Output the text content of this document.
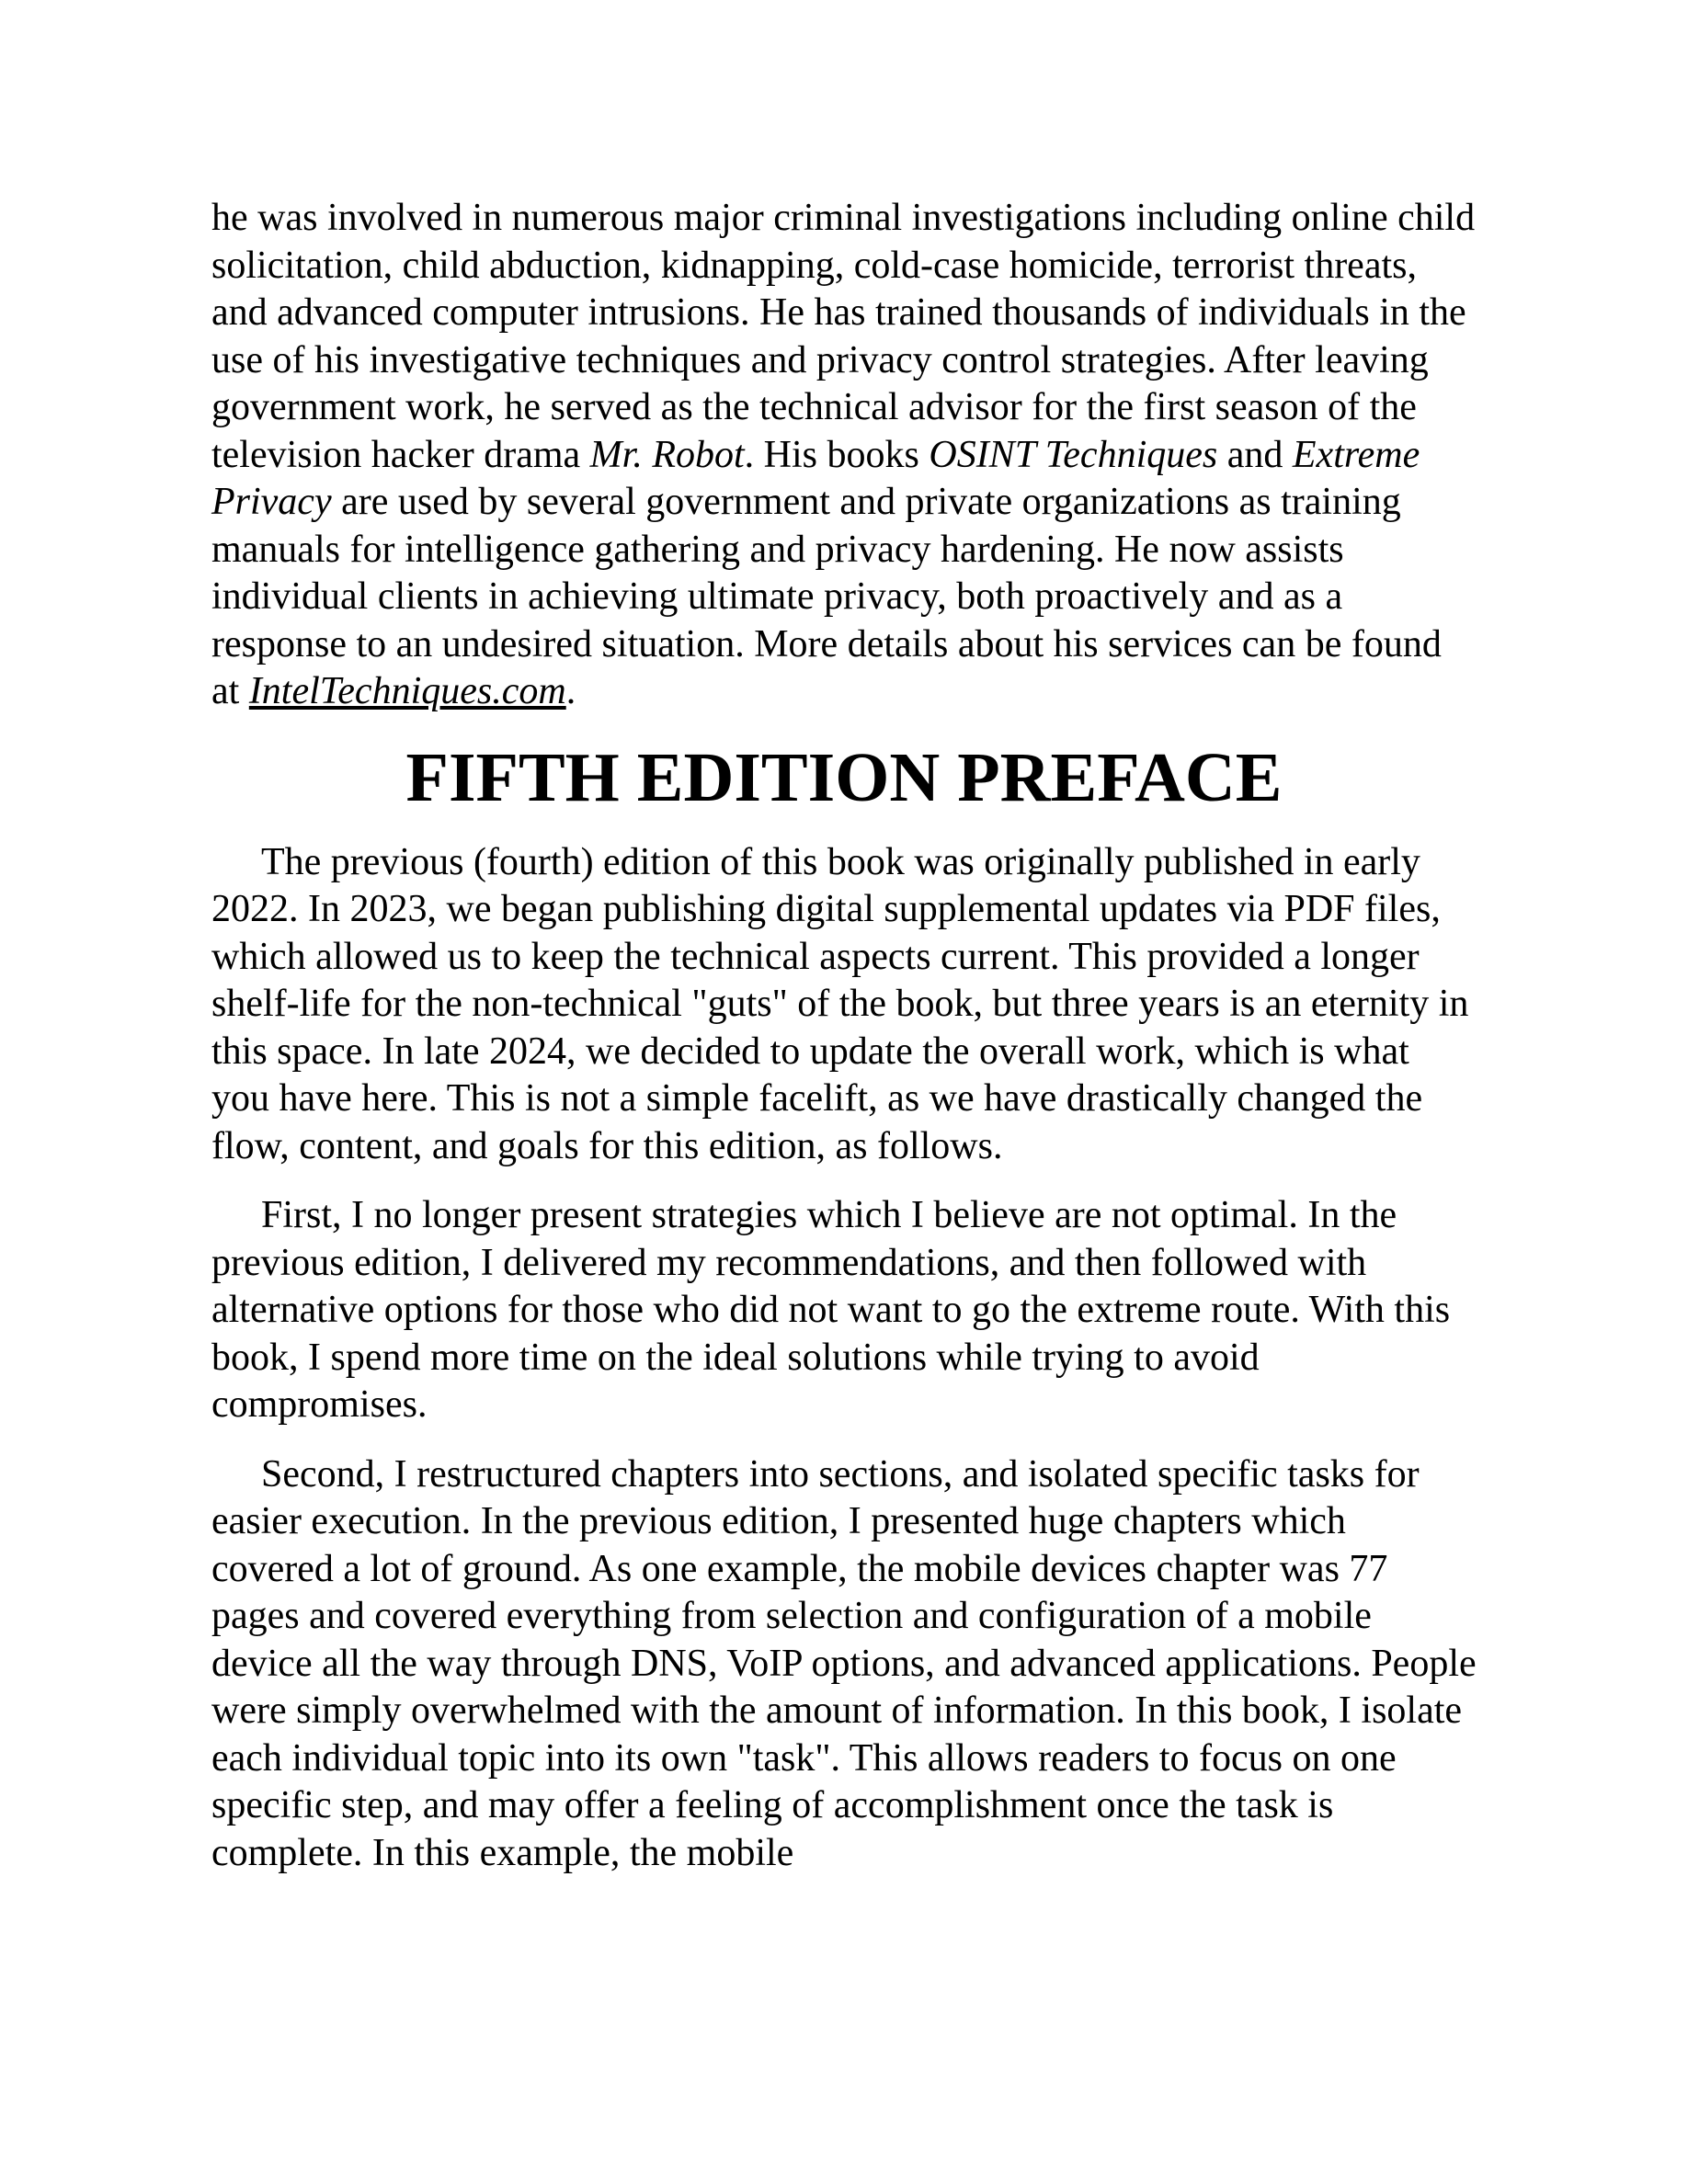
he was involved in numerous major criminal investigations including online child solicitation, child abduction, kidnapping, cold-case homicide, terrorist threats, and advanced computer intrusions. He has trained thousands of individuals in the use of his investigative techniques and privacy control strategies. After leaving government work, he served as the technical advisor for the first season of the television hacker drama Mr. Robot. His books OSINT Techniques and Extreme Privacy are used by several government and private organizations as training manuals for intelligence gathering and privacy hardening. He now assists individual clients in achieving ultimate privacy, both proactively and as a response to an undesired situation. More details about his services can be found at IntelTechniques.com.

FIFTH EDITION PREFACE

The previous (fourth) edition of this book was originally published in early 2022. In 2023, we began publishing digital supplemental updates via PDF files, which allowed us to keep the technical aspects current. This provided a longer shelf-life for the non-technical "guts" of the book, but three years is an eternity in this space. In late 2024, we decided to update the overall work, which is what you have here. This is not a simple facelift, as we have drastically changed the flow, content, and goals for this edition, as follows.

First, I no longer present strategies which I believe are not optimal. In the previous edition, I delivered my recommendations, and then followed with alternative options for those who did not want to go the extreme route. With this book, I spend more time on the ideal solutions while trying to avoid compromises.

Second, I restructured chapters into sections, and isolated specific tasks for easier execution. In the previous edition, I presented huge chapters which covered a lot of ground. As one example, the mobile devices chapter was 77 pages and covered everything from selection and configuration of a mobile device all the way through DNS, VoIP options, and advanced applications. People were simply overwhelmed with the amount of information. In this book, I isolate each individual topic into its own "task". This allows readers to focus on one specific step, and may offer a feeling of accomplishment once the task is complete. In this example, the mobile
